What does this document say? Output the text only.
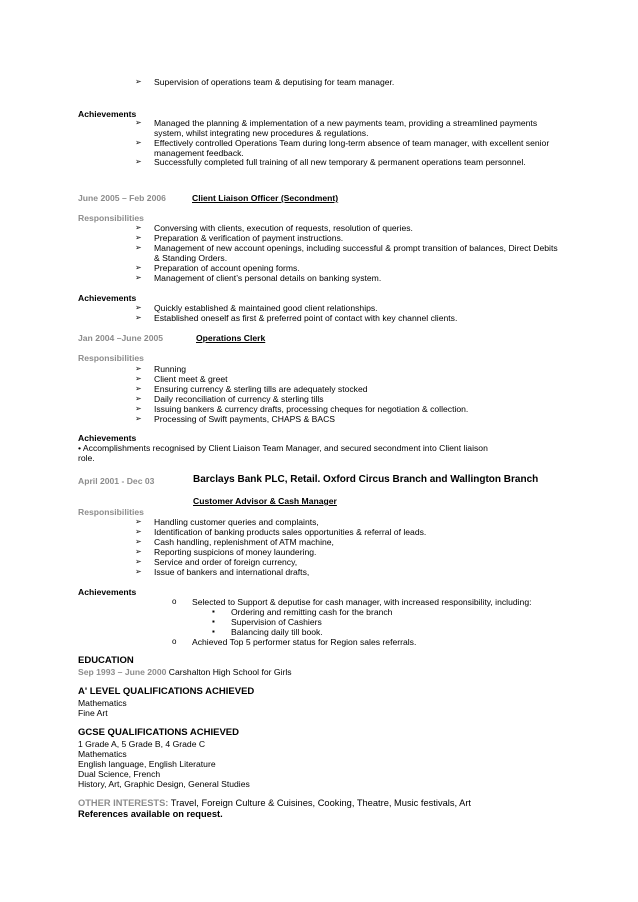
➢ Supervision of operations team & deputising for team manager.
Achievements
➢ Managed the planning & implementation of a new payments team, providing a streamlined payments
system, whilst integrating new procedures & regulations.
➢ Effectively controlled Operations Team during long-term absence of team manager, with excellent senior
management feedback.
➢ Successfully completed full training of all new temporary & permanent operations team personnel.
June 2005 – Feb 2006	Client Liaison Officer (Secondment)
Responsibilities
➢ Conversing with clients, execution of requests, resolution of queries.
➢ Preparation & verification of payment instructions.
➢ Management of new account openings, including successful & prompt transition of balances, Direct Debits
& Standing Orders.
➢ Preparation of account opening forms.
➢ Management of client’s personal details on banking system.
Achievements
➢ Quickly established & maintained good client relationships.
➢ Established oneself as first & preferred point of contact with key channel clients.
Jan 2004 –June 2005	Operations Clerk
Responsibilities
➢ Running
➢ Client meet & greet
➢ Ensuring currency & sterling tills are adequately stocked
➢ Daily reconciliation of currency & sterling tills
➢ Issuing bankers & currency drafts, processing cheques for negotiation & collection.
➢ Processing of Swift payments, CHAPS & BACS
Achievements
• Accomplishments recognised by Client Liaison Team Manager, and secured secondment into Client liaison
role.
April 2001 - Dec 03	Barclays Bank PLC, Retail. Oxford Circus Branch and Wallington Branch
Customer Advisor & Cash Manager
Responsibilities
➢ Handling customer queries and complaints,
➢ Identification of banking products sales opportunities & referral of leads.
➢ Cash handling, replenishment of ATM machine,
➢ Reporting suspicions of money laundering.
➢ Service and order of foreign currency,
➢ Issue of bankers and international drafts,
Achievements
o Selected to Support & deputise for cash manager, with increased responsibility, including:
▪ Ordering and remitting cash for the branch
▪ Supervision of Cashiers
▪ Balancing daily till book.
o Achieved Top 5 performer status for Region sales referrals.
EDUCATION
Sep 1993 – June 2000 Carshalton High School for Girls
A' LEVEL QUALIFICATIONS ACHIEVED
Mathematics
Fine Art
GCSE QUALIFICATIONS ACHIEVED
1 Grade A, 5 Grade B, 4 Grade C
Mathematics
English language, English Literature
Dual Science, French
History, Art, Graphic Design, General Studies
OTHER INTERESTS: Travel, Foreign Culture & Cuisines, Cooking, Theatre, Music festivals, Art
References available on request.
